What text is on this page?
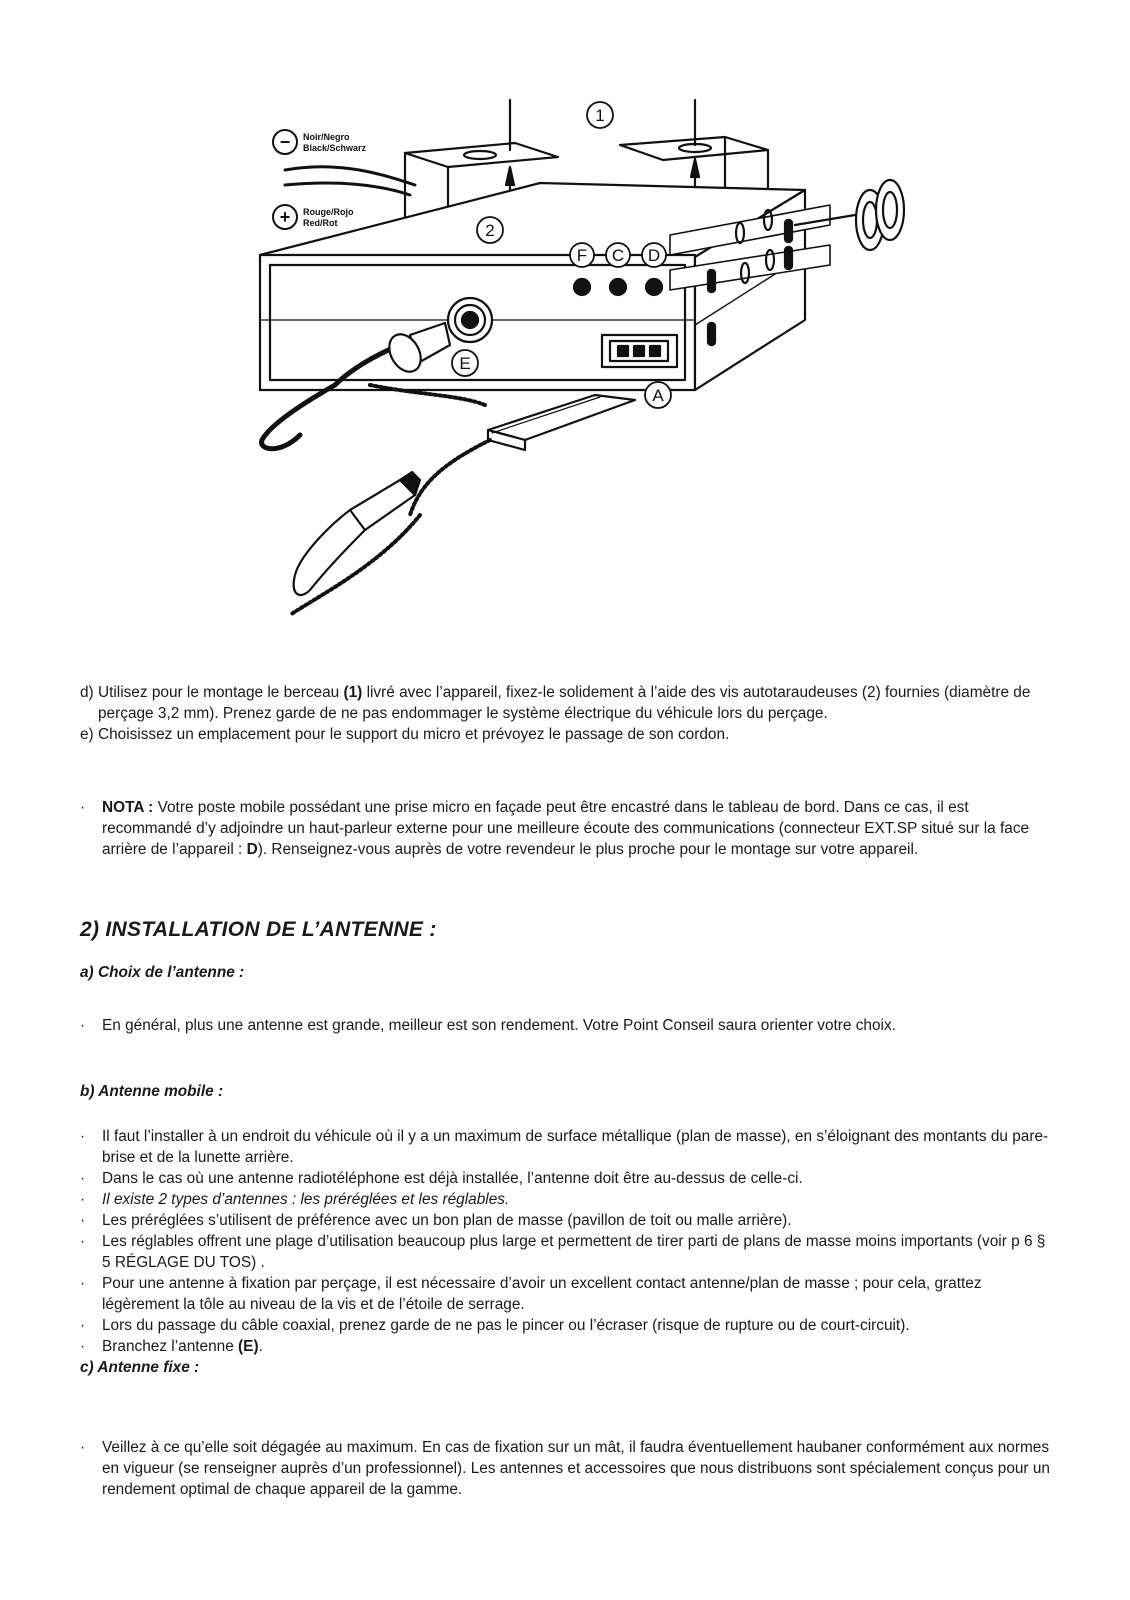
− Noir/Negro
Black/Schwarz
+ Rouge/Rojo
Red/Rot
1
2
F C D
E
A

d) Utilisez pour le montage le berceau (1) livré avec l’appareil, fixez-le solidement à l’aide des vis autotaraudeuses (2) fournies (diamètre de perçage 3,2 mm). Prenez garde de ne pas endommager le système électrique du véhicule lors du perçage.

e) Choisissez un emplacement pour le support du micro et prévoyez le passage de son cordon.

· NOTA : Votre poste mobile possédant une prise micro en façade peut être encastré dans le tableau de bord. Dans ce cas, il est recommandé d’y adjoindre un haut-parleur externe pour une meilleure écoute des communications (connecteur EXT.SP situé sur la face arrière de l’appareil : D). Renseignez-vous auprès de votre revendeur le plus proche pour le montage sur votre appareil.

2) INSTALLATION DE L’ANTENNE :

a) Choix de l’antenne :

· En général, plus une antenne est grande, meilleur est son rendement. Votre Point Conseil saura orienter votre choix.

b) Antenne mobile :

· Il faut l’installer à un endroit du véhicule où il y a un maximum de surface métallique (plan de masse), en s’éloignant des montants du pare-brise et de la lunette arrière.

· Dans le cas où une antenne radiotéléphone est déjà installée, l’antenne doit être au-dessus de celle-ci.

· Il existe 2 types d’antennes : les préréglées et les réglables.

· Les préréglées s’utilisent de préférence avec un bon plan de masse (pavillon de toit ou malle arrière).

· Les réglables offrent une plage d’utilisation beaucoup plus large et permettent de tirer parti de plans de masse moins importants (voir p 6 § 5 RÉGLAGE DU TOS) .

· Pour une antenne à fixation par perçage, il est nécessaire d’avoir un excellent contact antenne/plan de masse ; pour cela, grattez légèrement la tôle au niveau de la vis et de l’étoile de serrage.

· Lors du passage du câble coaxial, prenez garde de ne pas le pincer ou l’écraser (risque de rupture ou de court-circuit).

· Branchez l’antenne (E).

c) Antenne fixe :

· Veillez à ce qu’elle soit dégagée au maximum. En cas de fixation sur un mât, il faudra éventuellement haubaner conformément aux normes en vigueur (se renseigner auprès d’un professionnel). Les antennes et accessoires que nous distribuons sont spécialement conçus pour un rendement optimal de chaque appareil de la gamme.
